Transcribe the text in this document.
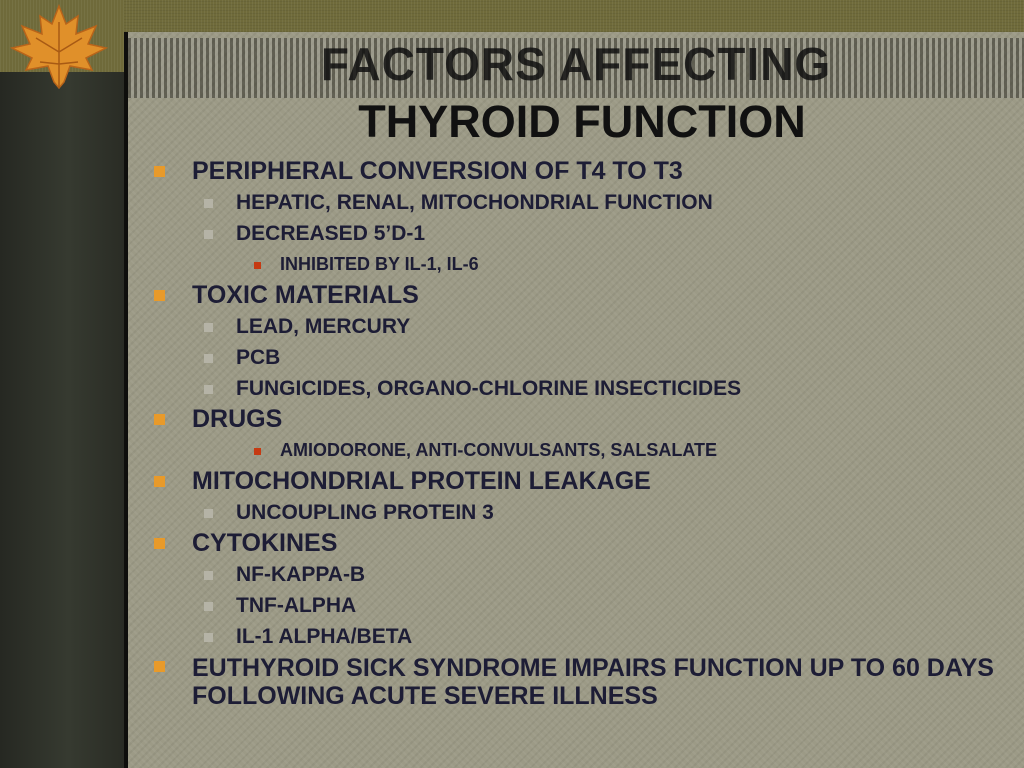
FACTORS AFFECTING
THYROID FUNCTION
PERIPHERAL CONVERSION OF T4 TO T3
HEPATIC, RENAL, MITOCHONDRIAL FUNCTION
DECREASED 5’D-1
INHIBITED BY IL-1, IL-6
TOXIC MATERIALS
LEAD, MERCURY
PCB
FUNGICIDES, ORGANO-CHLORINE INSECTICIDES
DRUGS
AMIODORONE, ANTI-CONVULSANTS, SALSALATE
MITOCHONDRIAL PROTEIN LEAKAGE
UNCOUPLING PROTEIN 3
CYTOKINES
NF-KAPPA-B
TNF-ALPHA
IL-1 ALPHA/BETA
EUTHYROID SICK SYNDROME IMPAIRS FUNCTION UP TO 60 DAYS FOLLOWING ACUTE SEVERE ILLNESS
